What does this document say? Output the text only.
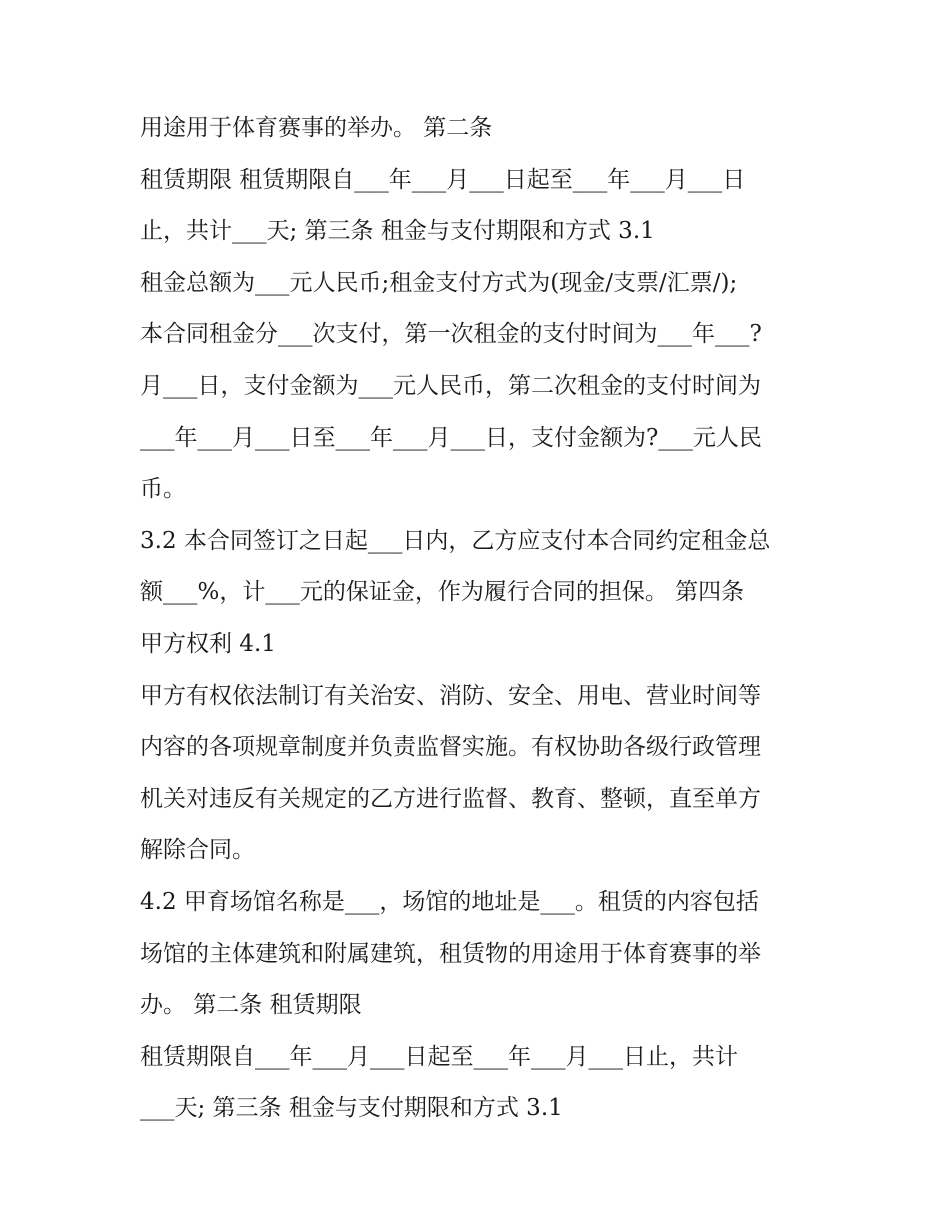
用途用于体育赛事的举办。 第二条
租赁期限 租赁期限自___年___月___日起至___年___月___日
止，共计___天; 第三条 租金与支付期限和方式 3.1
租金总额为___元人民币;租金支付方式为(现金/支票/汇票/);
本合同租金分___次支付，第一次租金的支付时间为___年___?
月___日，支付金额为___元人民币，第二次租金的支付时间为
___年___月___日至___年___月___日，支付金额为?___元人民
币。
3.2 本合同签订之日起___日内，乙方应支付本合同约定租金总
额___%，计___元的保证金，作为履行合同的担保。 第四条
甲方权利 4.1
甲方有权依法制订有关治安、消防、安全、用电、营业时间等
内容的各项规章制度并负责监督实施。有权协助各级行政管理
机关对违反有关规定的乙方进行监督、教育、整顿，直至单方
解除合同。
4.2 甲育场馆名称是___，场馆的地址是___。租赁的内容包括
场馆的主体建筑和附属建筑，租赁物的用途用于体育赛事的举
办。 第二条 租赁期限
租赁期限自___年___月___日起至___年___月___日止，共计
___天; 第三条 租金与支付期限和方式 3.1
